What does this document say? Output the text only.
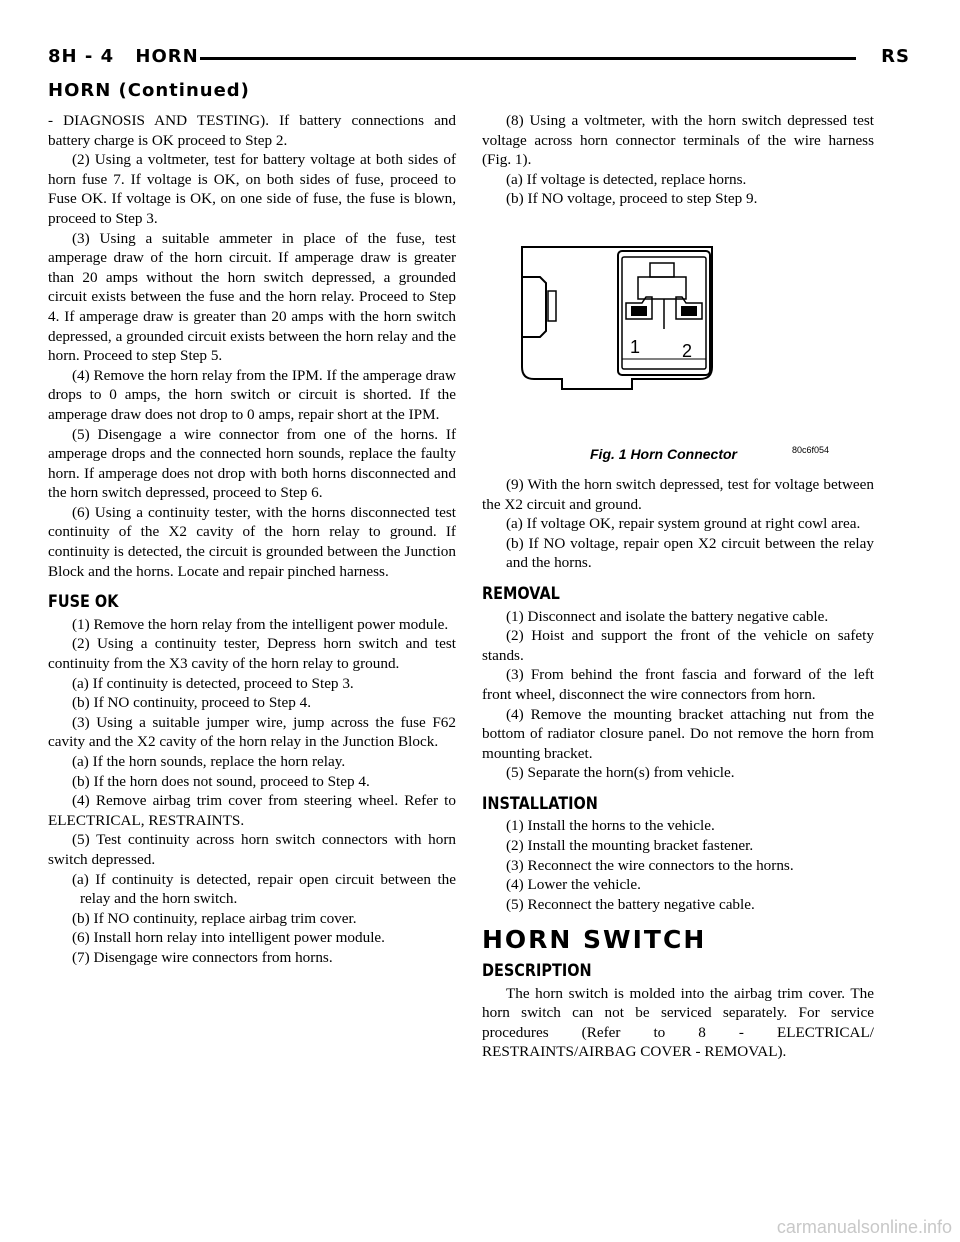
8H - 4 HORN	RS
HORN (Continued)

- DIAGNOSIS AND TESTING). If battery connections and battery charge is OK proceed to Step 2.

(2) Using a voltmeter, test for battery voltage at both sides of horn fuse 7. If voltage is OK, on both sides of fuse, proceed to Fuse OK. If voltage is OK, on one side of fuse, the fuse is blown, proceed to Step 3.

(3) Using a suitable ammeter in place of the fuse, test amperage draw of the horn circuit. If amperage draw is greater than 20 amps without the horn switch depressed, a grounded circuit exists between the fuse and the horn relay. Proceed to Step 4. If amperage draw is greater than 20 amps with the horn switch depressed, a grounded circuit exists between the horn relay and the horn. Proceed to step Step 5.

(4) Remove the horn relay from the IPM. If the amperage draw drops to 0 amps, the horn switch or circuit is shorted. If the amperage draw does not drop to 0 amps, repair short at the IPM.

(5) Disengage a wire connector from one of the horns. If amperage drops and the connected horn sounds, replace the faulty horn. If amperage does not drop with both horns disconnected and the horn switch depressed, proceed to Step 6.

(6) Using a continuity tester, with the horns disconnected test continuity of the X2 cavity of the horn relay to ground. If continuity is detected, the circuit is grounded between the Junction Block and the horns. Locate and repair pinched harness.

FUSE OK

(1) Remove the horn relay from the intelligent power module.

(2) Using a continuity tester, Depress horn switch and test continuity from the X3 cavity of the horn relay to ground.

(a) If continuity is detected, proceed to Step 3.

(b) If NO continuity, proceed to Step 4.

(3) Using a suitable jumper wire, jump across the fuse F62 cavity and the X2 cavity of the horn relay in the Junction Block.

(a) If the horn sounds, replace the horn relay.

(b) If the horn does not sound, proceed to Step 4.

(4) Remove airbag trim cover from steering wheel. Refer to ELECTRICAL, RESTRAINTS.

(5) Test continuity across horn switch connectors with horn switch depressed.

(a) If continuity is detected, repair open circuit between the relay and the horn switch.

(b) If NO continuity, replace airbag trim cover.

(6) Install horn relay into intelligent power module.

(7) Disengage wire connectors from horns.

(8) Using a voltmeter, with the horn switch depressed test voltage across horn connector terminals of the wire harness (Fig. 1).

(a) If voltage is detected, replace horns.

(b) If NO voltage, proceed to step Step 9.

1 2
Fig. 1 Horn Connector	80c6f054

(9) With the horn switch depressed, test for voltage between the X2 circuit and ground.

(a) If voltage OK, repair system ground at right cowl area.

(b) If NO voltage, repair open X2 circuit between the relay and the horns.

REMOVAL

(1) Disconnect and isolate the battery negative cable.

(2) Hoist and support the front of the vehicle on safety stands.

(3) From behind the front fascia and forward of the left front wheel, disconnect the wire connectors from horn.

(4) Remove the mounting bracket attaching nut from the bottom of radiator closure panel. Do not remove the horn from mounting bracket.

(5) Separate the horn(s) from vehicle.

INSTALLATION

(1) Install the horns to the vehicle.

(2) Install the mounting bracket fastener.

(3) Reconnect the wire connectors to the horns.

(4) Lower the vehicle.

(5) Reconnect the battery negative cable.

HORN SWITCH
DESCRIPTION

The horn switch is molded into the airbag trim cover. The horn switch can not be serviced separately. For service procedures (Refer to 8 - ELECTRICAL/ RESTRAINTS/AIRBAG COVER - REMOVAL).

carmanualsonline.info
